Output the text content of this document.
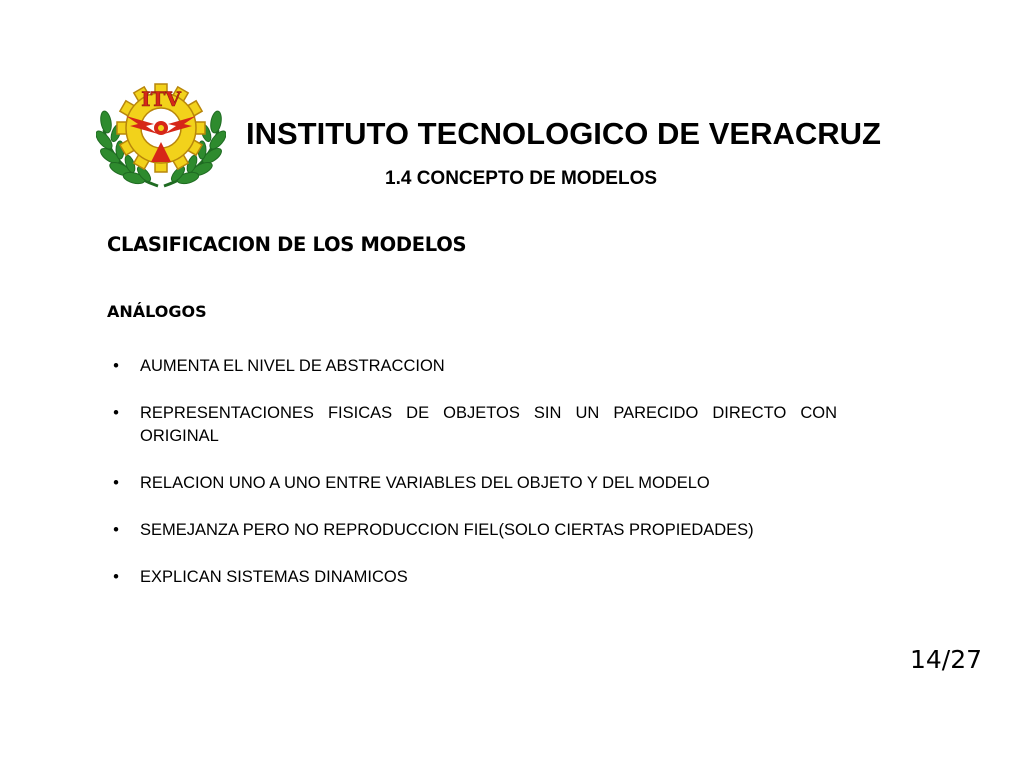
ITV
INSTITUTO TECNOLOGICO DE VERACRUZ
1.4 CONCEPTO DE MODELOS
CLASIFICACION DE LOS MODELOS
ANÁLOGOS
• AUMENTA EL NIVEL DE ABSTRACCION
• REPRESENTACIONES FISICAS DE OBJETOS SIN UN PARECIDO DIRECTO CON ORIGINAL
• RELACION UNO A UNO ENTRE VARIABLES DEL OBJETO Y DEL MODELO
• SEMEJANZA PERO NO REPRODUCCION FIEL(SOLO CIERTAS PROPIEDADES)
• EXPLICAN SISTEMAS DINAMICOS
14/27
